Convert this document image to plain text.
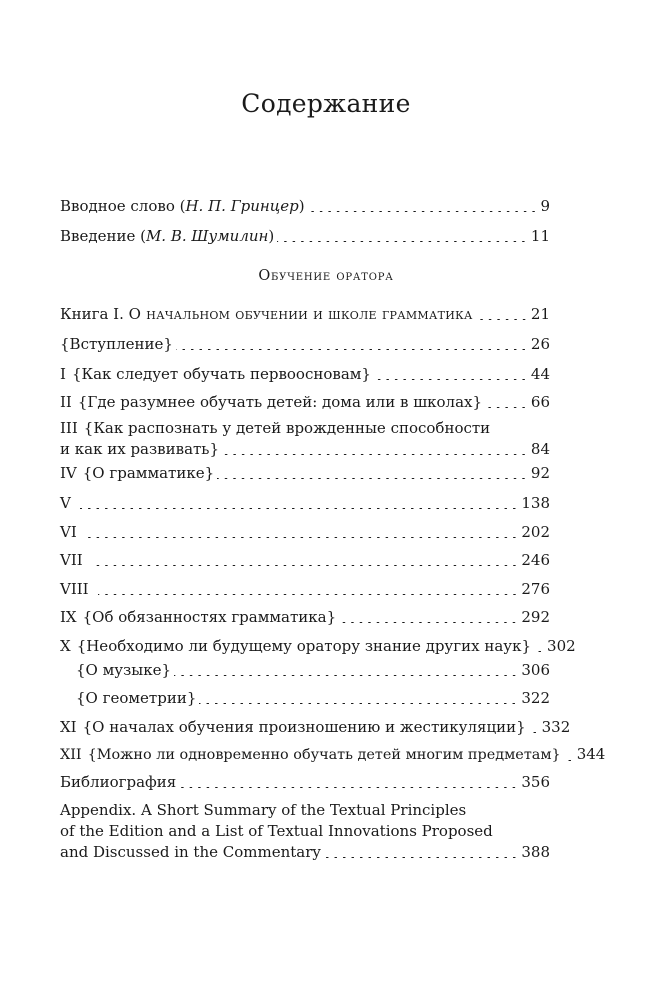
Содержание
Вводное слово (Н. П. Гринцер)	9
Введение (М. В. Шумилин)	11
Обучение оратора
Книга I. О начальном обучении и школе грамматика	21
{Вступление}	26
I {Как следует обучать первоосновам}	44
II {Где разумнее обучать детей: дома или в школах}	66
III {Как распознать у детей врожденные способности
и как их развивать}	84
IV {О грамматике}	92
V	138
VI	202
VII	246
VIII	276
IX {Об обязанностях грамматика}	292
X {Необходимо ли будущему оратору знание других наук} 302
{О музыке}	306
{О геометрии}	322
XI {О началах обучения произношению и жестикуляции} 332
XII {Можно ли одновременно обучать детей многим предметам} 344
Библиография	356
Appendix. A Short Summary of the Textual Principles
of the Edition and a List of Textual Innovations Proposed
and Discussed in the Commentary	388
